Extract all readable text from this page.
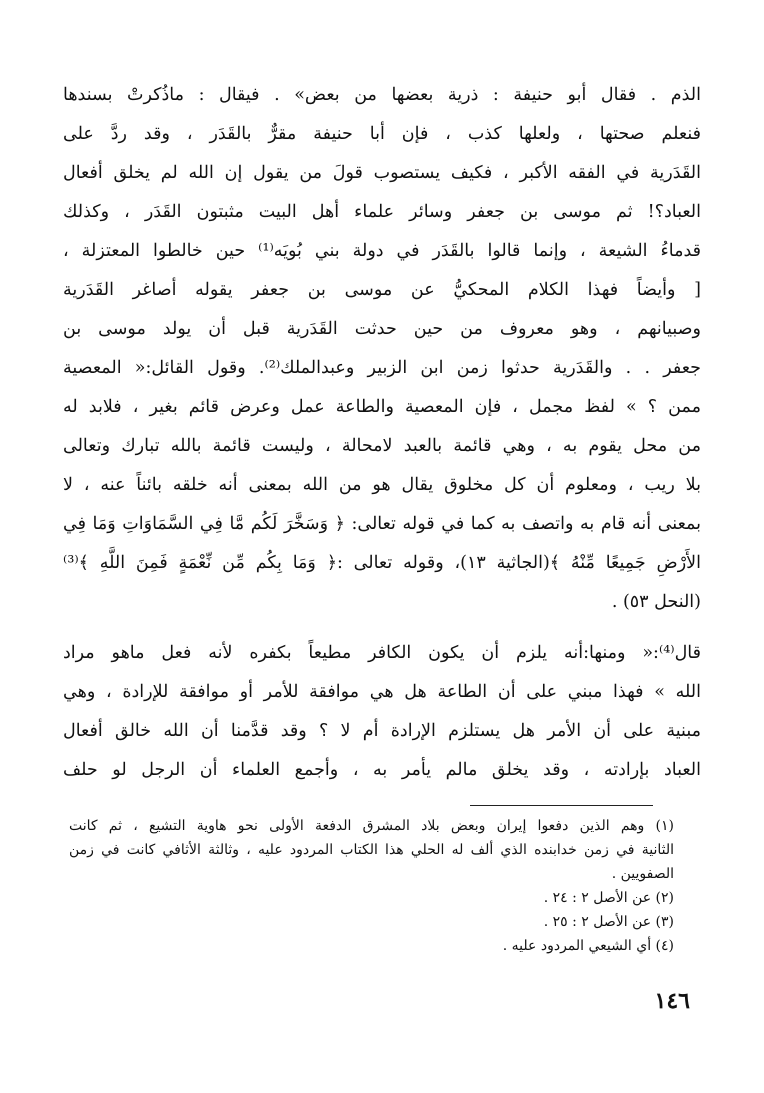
الذم . فقال أبو حنيفة : ذرية بعضها من بعض» . فيقال : ماذُكرتْ بسندها
فنعلم صحتها ، ولعلها كذب ، فإن أبا حنيفة مقرٌّ بالقَدَر ، وقد ردَّ على
القَدَرية في الفقه الأكبر ، فكيف يستصوب قولَ من يقول إن الله لم يخلق أفعال
العباد؟! ثم موسى بن جعفر وسائر علماء أهل البيت مثبتون القَدَر ، وكذلك
قدماءُ الشيعة ، وإنما قالوا بالقَدَر في دولة بني بُويَه⁽¹⁾ حين خالطوا المعتزلة ،
[ وأيضاً فهذا الكلام المحكيُّ عن موسى بن جعفر يقوله أصاغر القَدَرية
وصبيانهم ، وهو معروف من حين حدثت القَدَرية قبل أن يولد موسى بن
جعفر . . والقَدَرية حدثوا زمن ابن الزبير وعبدالملك⁽²⁾. وقول القائل:« المعصية
ممن ؟ » لفظ مجمل ، فإن المعصية والطاعة عمل وعرض قائم بغير ، فلابد له
من محل يقوم به ، وهي قائمة بالعبد لامحالة ، وليست قائمة بالله تبارك وتعالى
بلا ريب ، ومعلوم أن كل مخلوق يقال هو من الله بمعنى أنه خلقه بائناً عنه ، لا
بمعنى أنه قام به واتصف به كما في قوله تعالى: ﴿ وَسَخَّرَ لَكُم مَّا فِي السَّمَاوَاتِ وَمَا فِي
الأَرْضِ جَمِيعًا مِّنْهُ ﴾(الجاثية ١٣)، وقوله تعالى :﴿ وَمَا بِكُم مِّن نِّعْمَةٍ فَمِنَ اللَّهِ ﴾⁽³⁾
(النحل ٥٣) .
قال⁽⁴⁾:« ومنها:أنه يلزم أن يكون الكافر مطيعاً بكفره لأنه فعل ماهو مراد
الله » فهذا مبني على أن الطاعة هل هي موافقة للأمر أو موافقة للإرادة ، وهي
مبنية على أن الأمر هل يستلزم الإرادة أم لا ؟ وقد قدَّمنا أن الله خالق أفعال
العباد بإرادته ، وقد يخلق مالم يأمر به ، وأجمع العلماء أن الرجل لو حلف
(١) وهم الذين دفعوا إيران وبعض بلاد المشرق الدفعة الأولى نحو هاوية التشيع ، ثم كانت
الثانية في زمن خدابنده الذي ألف له الحلي هذا الكتاب المردود عليه ، وثالثة الأثافي كانت في زمن
الصفويين .
(٢) عن الأصل ٢ : ٢٤ .
(٣) عن الأصل ٢ : ٢٥ .
(٤) أي الشيعي المردود عليه .
١٤٦
